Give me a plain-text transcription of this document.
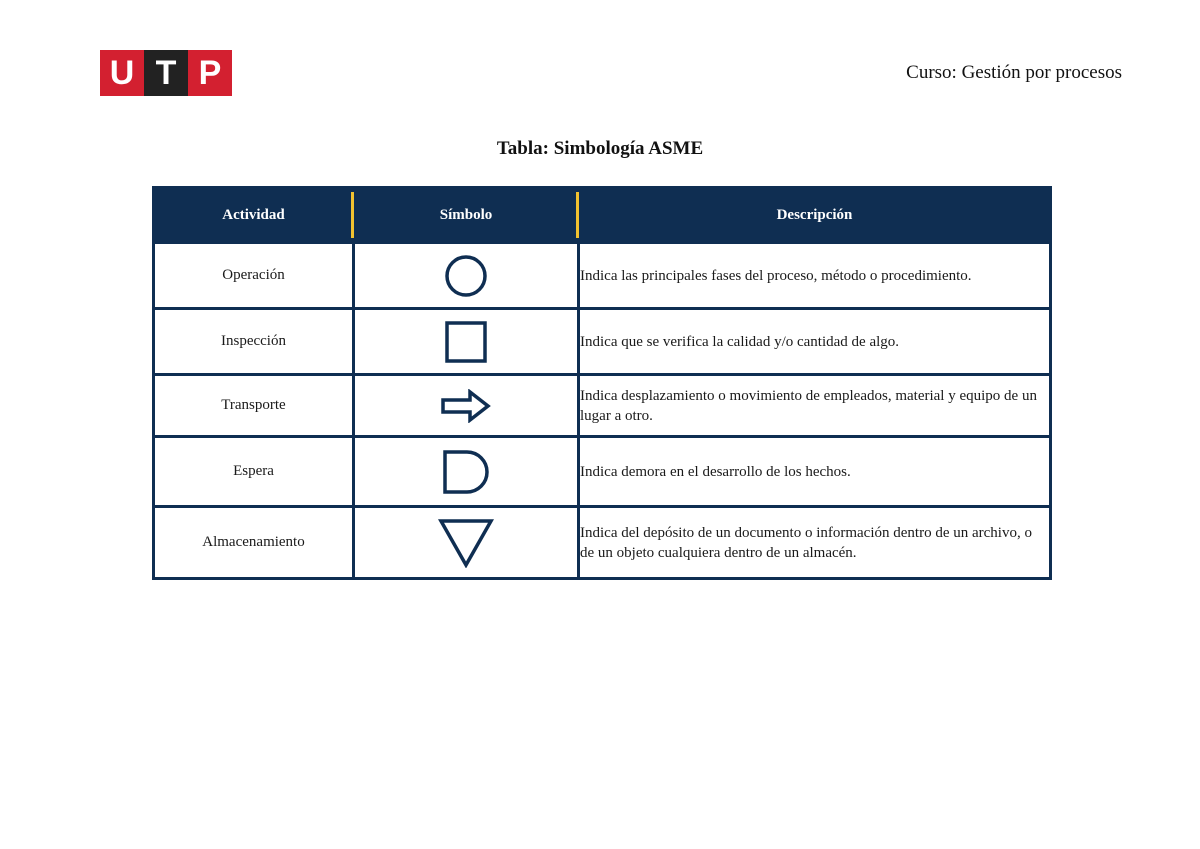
U T P	Curso: Gestión por procesos
Tabla: Simbología ASME
Actividad	Símbolo	Descripción
Operación		Indica las principales fases del proceso, método o procedimiento.
Inspección		Indica que se verifica la calidad y/o cantidad de algo.
Transporte		Indica desplazamiento o movimiento de empleados, material y equipo de un lugar a otro.
Espera		Indica demora en el desarrollo de los hechos.
Almacenamiento		Indica del depósito de un documento o información dentro de un archivo, o de un objeto cualquiera dentro de un almacén.
